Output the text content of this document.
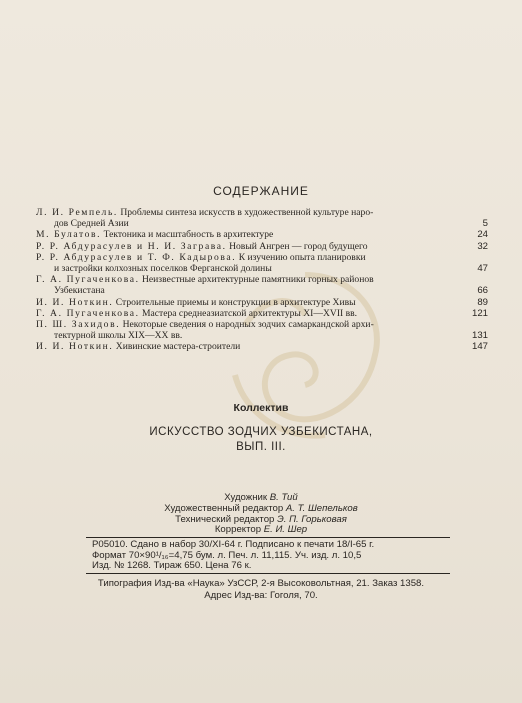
СОДЕРЖАНИЕ
Л. И. Ремпель. Проблемы синтеза искусств в художественной культуре наро-
дов Средней Азии	5
М. Булатов. Тектоника и масштабность в архитектуре	24
Р. Р. Абдурасулев и Н. И. Загрaва. Новый Ангрен — город будущего	32
Р. Р. Абдурасулев и Т. Ф. Кадырова. К изучению опыта планировки
и застройки колхозных поселков Ферганской долины	47
Г. А. Пугаченкова. Неизвестные архитектурные памятники горных районов
Узбекистана	66
И. И. Ноткин. Строительные приемы и конструкции в архитектуре Хивы	89
Г. А. Пугаченкова. Мастера среднеазиатской архитектуры XI—XVII вв.	121
П. Ш. Захидов. Некоторые сведения о народных зодчих самаркандской архи-
тектурной школы XIX—XX вв.	131
И. И. Ноткин. Хивинские мастера-строители	147
Коллектив
ИСКУССТВО ЗОДЧИХ УЗБЕКИСТАНА,
ВЫП. III.
Художник В. Тий
Художественный редактор А. Т. Шепельков
Технический редактор Э. П. Горьковая
Корректор Е. И. Шер
Р05010. Сдано в набор 30/XI-64 г. Подписано к печати 18/I-65 г.
Формат 70×90¹/₁₆=4,75 бум. л. Печ. л. 11,115. Уч. изд. л. 10,5
Изд. № 1268. Тираж 650. Цена 76 к.
Типография Изд-ва «Наука» УзССР, 2-я Высоковольтная, 21. Заказ 1358.
Адрес Изд-ва: Гоголя, 70.
